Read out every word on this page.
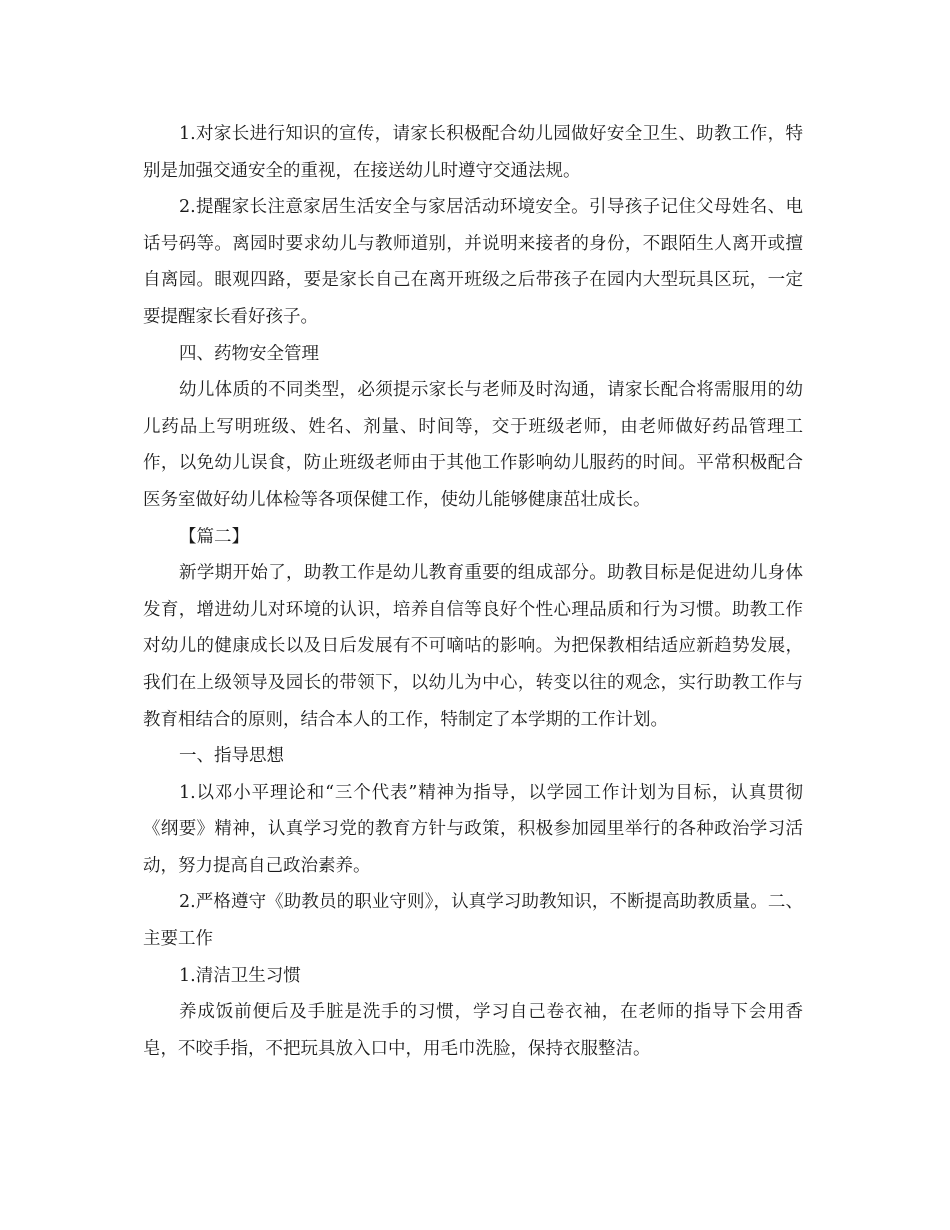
1.对家长进行知识的宣传，请家长积极配合幼儿园做好安全卫生、助教工作，特别是加强交通安全的重视，在接送幼儿时遵守交通法规。

2.提醒家长注意家居生活安全与家居活动环境安全。引导孩子记住父母姓名、电话号码等。离园时要求幼儿与教师道别，并说明来接者的身份，不跟陌生人离开或擅自离园。眼观四路，要是家长自己在离开班级之后带孩子在园内大型玩具区玩，一定要提醒家长看好孩子。

四、药物安全管理

幼儿体质的不同类型，必须提示家长与老师及时沟通，请家长配合将需服用的幼儿药品上写明班级、姓名、剂量、时间等，交于班级老师，由老师做好药品管理工作，以免幼儿误食，防止班级老师由于其他工作影响幼儿服药的时间。平常积极配合医务室做好幼儿体检等各项保健工作，使幼儿能够健康茁壮成长。

【篇二】

新学期开始了，助教工作是幼儿教育重要的组成部分。助教目标是促进幼儿身体发育，增进幼儿对环境的认识，培养自信等良好个性心理品质和行为习惯。助教工作对幼儿的健康成长以及日后发展有不可嘀咕的影响。为把保教相结适应新趋势发展，我们在上级领导及园长的带领下，以幼儿为中心，转变以往的观念，实行助教工作与教育相结合的原则，结合本人的工作，特制定了本学期的工作计划。

一、指导思想

1.以邓小平理论和“三个代表”精神为指导，以学园工作计划为目标，认真贯彻《纲要》精神，认真学习党的教育方针与政策，积极参加园里举行的各种政治学习活动，努力提高自己政治素养。

2.严格遵守《助教员的职业守则》，认真学习助教知识，不断提高助教质量。二、主要工作

1.清洁卫生习惯

养成饭前便后及手脏是洗手的习惯，学习自己卷衣袖，在老师的指导下会用香皂，不咬手指，不把玩具放入口中，用毛巾洗脸，保持衣服整洁。
